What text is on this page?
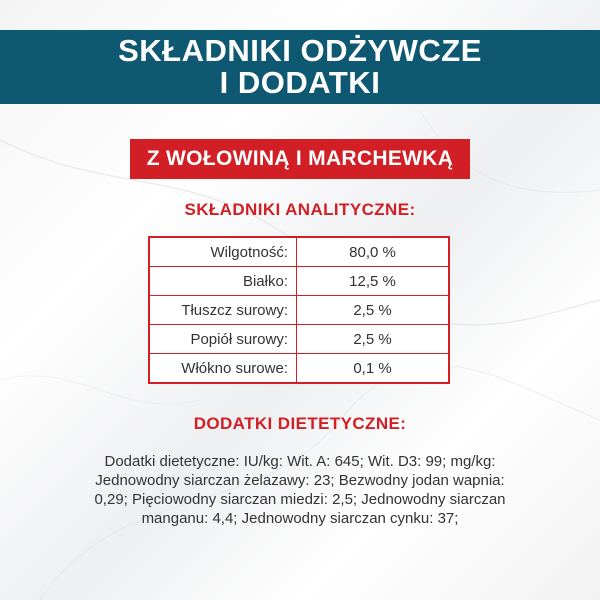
SKŁADNIKI ODŻYWCZE
I DODATKI
Z WOŁOWINĄ I MARCHEWKĄ
SKŁADNIKI ANALITYCZNE:
Wilgotność:	80,0 %
Białko:	12,5 %
Tłuszcz surowy:	2,5 %
Popiół surowy:	2,5 %
Włókno surowe:	0,1 %
DODATKI DIETETYCZNE:
Dodatki dietetyczne: IU/kg: Wit. A: 645; Wit. D3: 99; mg/kg:
Jednowodny siarczan żelazawy: 23; Bezwodny jodan wapnia:
0,29; Pięciowodny siarczan miedzi: 2,5; Jednowodny siarczan
manganu: 4,4; Jednowodny siarczan cynku: 37;
